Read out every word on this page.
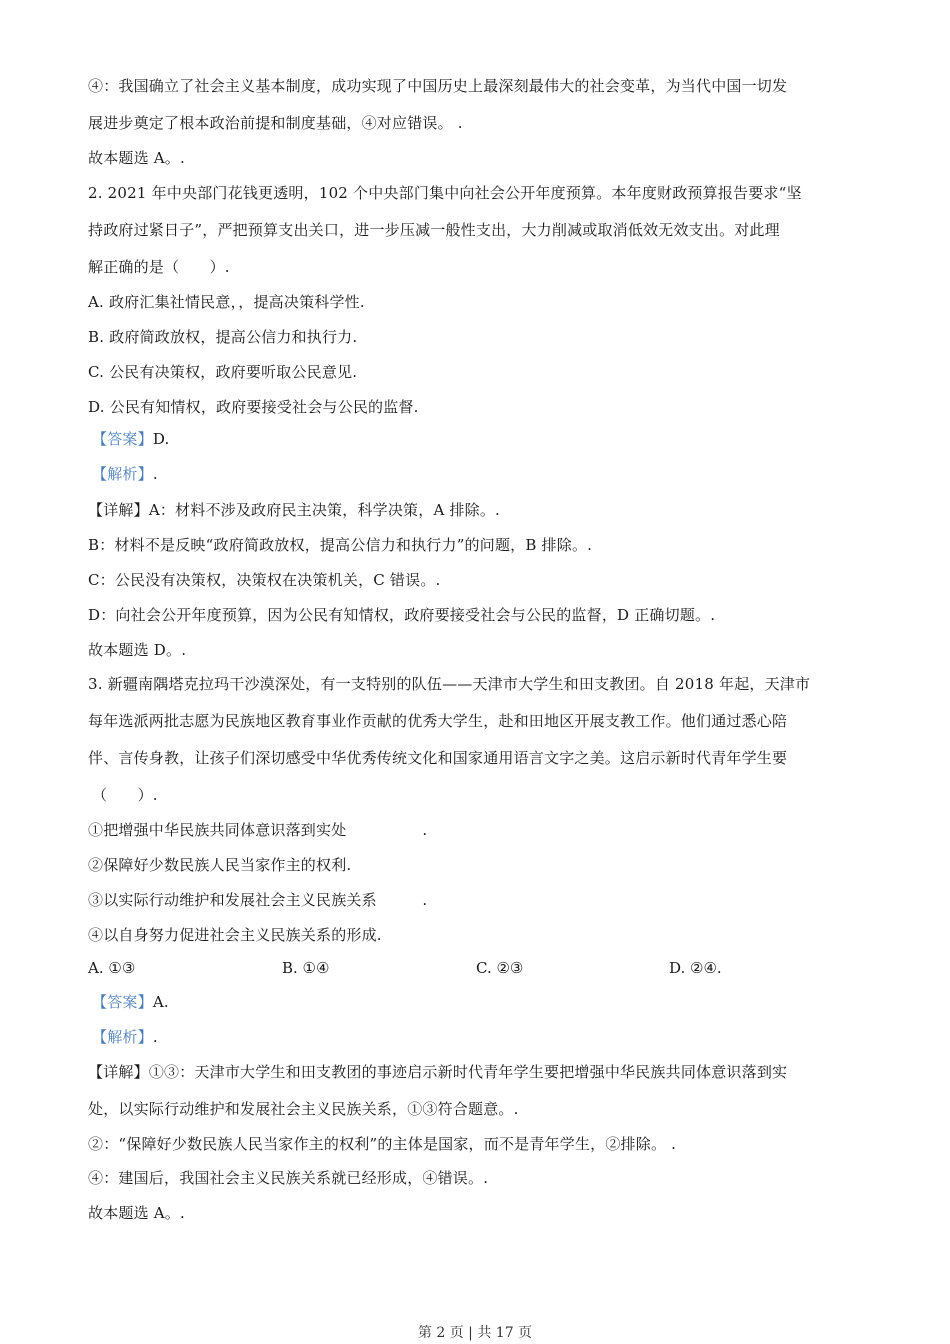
④：我国确立了社会主义基本制度，成功实现了中国历史上最深刻最伟大的社会变革，为当代中国一切发
展进步奠定了根本政治前提和制度基础，④对应错误。 .
故本题选 A。.
2. 2021 年中央部门花钱更透明，102 个中央部门集中向社会公开年度预算。本年度财政预算报告要求“坚
持政府过紧日子”，严把预算支出关口，进一步压减一般性支出，大力削减或取消低效无效支出。对此理
解正确的是（　　）.
A. 政府汇集社情民意，，提高决策科学性.
B. 政府简政放权，提高公信力和执行力.
C. 公民有决策权，政府要听取公民意见.
D. 公民有知情权，政府要接受社会与公民的监督.
【答案】D.
【解析】.
【详解】A：材料不涉及政府民主决策，科学决策，A 排除。.
B：材料不是反映“政府简政放权，提高公信力和执行力”的问题，B 排除。.
C：公民没有决策权，决策权在决策机关，C 错误。.
D：向社会公开年度预算，因为公民有知情权，政府要接受社会与公民的监督，D 正确切题。.
故本题选 D。.
3. 新疆南隅塔克拉玛干沙漠深处，有一支特别的队伍——天津市大学生和田支教团。自 2018 年起，天津市
每年选派两批志愿为民族地区教育事业作贡献的优秀大学生，赴和田地区开展支教工作。他们通过悉心陪
伴、言传身教，让孩子们深切感受中华优秀传统文化和国家通用语言文字之美。这启示新时代青年学生要
（　　）.
①把增强中华民族共同体意识落到实处　　　　　.
②保障好少数民族人民当家作主的权利.
③以实际行动维护和发展社会主义民族关系　　　.
④以自身努力促进社会主义民族关系的形成.
A. ①③	B. ①④	C. ②③	D. ②④.
【答案】A.
【解析】.
【详解】①③：天津市大学生和田支教团的事迹启示新时代青年学生要把增强中华民族共同体意识落到实
处，以实际行动维护和发展社会主义民族关系，①③符合题意。.
②：“保障好少数民族人民当家作主的权利”的主体是国家，而不是青年学生，②排除。 .
④：建国后，我国社会主义民族关系就已经形成，④错误。.
故本题选 A。.
第 2 页 | 共 17 页
